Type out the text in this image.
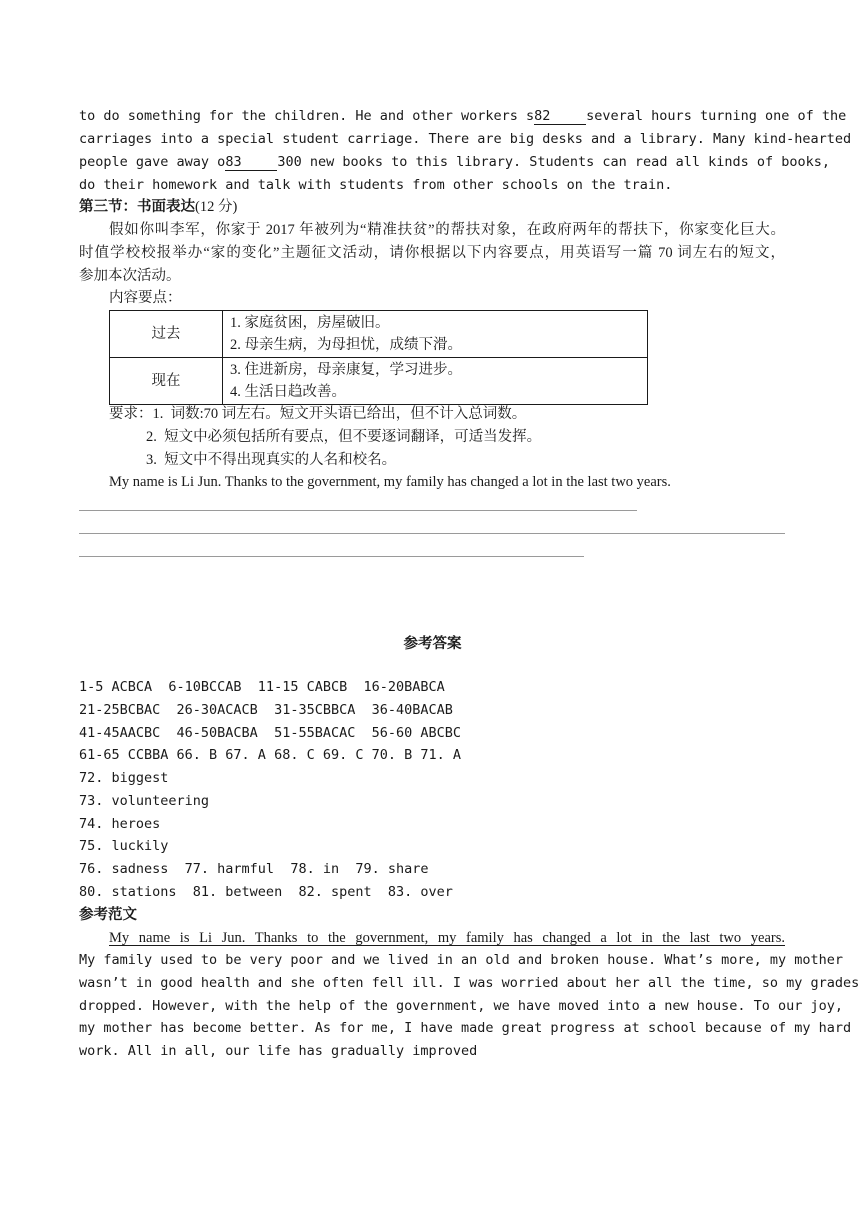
to do something for the children. He and other workers s82	several hours turning one of the
carriages into a special student carriage. There are big desks and a library. Many kind-hearted
people gave away o83	300 new books to this library. Students can read all kinds of books,
do their homework and talk with students from other schools on the train.
第三节：书面表达(12 分)
假如你叫李军，你家于 2017 年被列为“精准扶贫”的帮扶对象，在政府两年的帮扶下，你家变化巨大。
时值学校校报举办“家的变化”主题征文活动，请你根据以下内容要点，用英语写一篇 70 词左右的短文，
参加本次活动。
内容要点：
过去	1. 家庭贫困，房屋破旧。
2. 母亲生病，为母担忧，成绩下滑。

现在	3. 住进新房，母亲康复，学习进步。
4. 生活日趋改善。
要求：1.  词数:70 词左右。短文开头语已给出，但不计入总词数。
2.  短文中必须包括所有要点，但不要逐词翻译，可适当发挥。
3.  短文中不得出现真实的人名和校名。
My name is Li Jun. Thanks to the government, my family has changed a lot in the last two years.
参考答案
1-5 ACBCA  6-10BCCAB  11-15 CABCB  16-20BABCA
21-25BCBAC  26-30ACACB  31-35CBBCA  36-40BACAB
41-45AACBC  46-50BACBA  51-55BACAC  56-60 ABCBC
61-65 CCBBA 66. B 67. A 68. C 69. C 70. B 71. A
72. biggest
73. volunteering
74. heroes
75. luckily
76. sadness  77. harmful  78. in  79. share
80. stations  81. between  82. spent  83. over
参考范文
My name is Li Jun. Thanks to the government, my family has changed a lot in the last two years.
My family used to be very poor and we lived in an old and broken house. What’s more, my mother
wasn’t in good health and she often fell ill. I was worried about her all the time, so my grades
dropped. However, with the help of the government, we have moved into a new house. To our joy,
my mother has become better. As for me, I have made great progress at school because of my hard
work. All in all, our life has gradually improved
